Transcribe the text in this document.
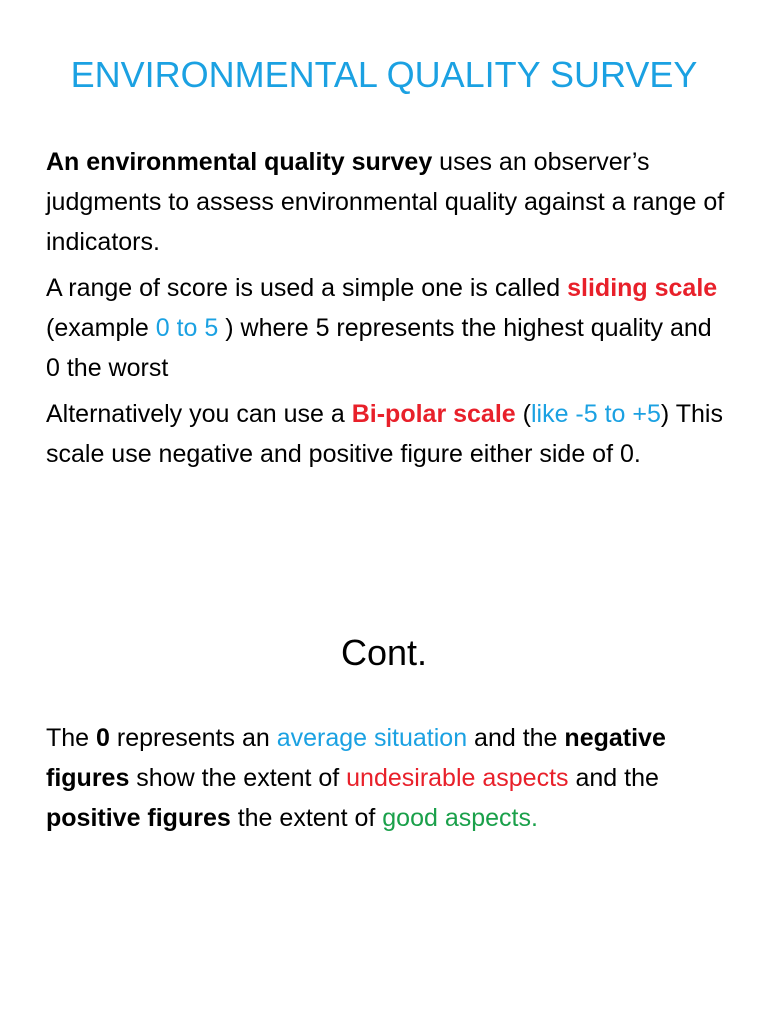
ENVIRONMENTAL QUALITY SURVEY

An environmental quality survey uses an observer’s judgments to assess environmental quality against a range of indicators.

A range of score is used a simple one is called sliding scale (example 0 to 5 ) where 5 represents the highest quality and 0 the worst

Alternatively you can use a Bi-polar scale (like -5 to +5) This scale use negative and positive figure either side of 0.

Cont.

The 0 represents an average situation and the negative figures show the extent of undesirable aspects and the positive figures the extent of good aspects.
